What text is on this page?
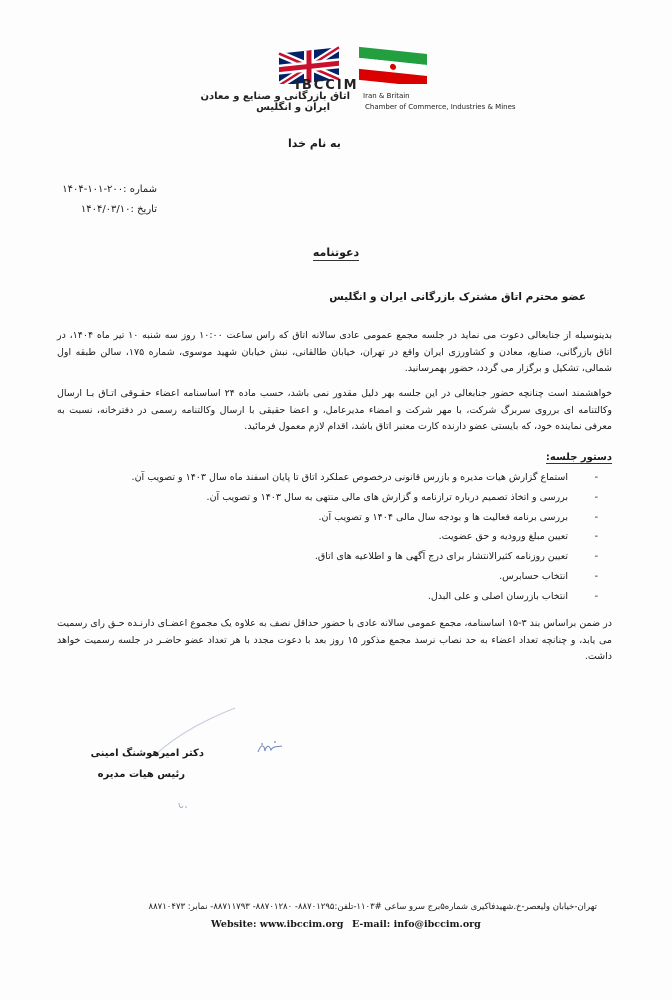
IBCCIM
اتاق بازرگانی و صنایع و معادن Iran & Britain
ایران و انگلیس	Chamber of Commerce, Industries & Mines
به نام خدا
شماره :۲۰۰-۱۰۱-۱۴۰۴
تاریخ :۱۴۰۴/۰۳/۱۰
دعوتنامه
عضو محترم اتاق مشترک بازرگانی ایران و انگلیس
بدینوسیله از جنابعالی دعوت می نماید در جلسه مجمع عمومی عادی سالانه اتاق که راس ساعت ۱۰:۰۰ روز سه شنبه ۱۰ تیر ماه ۱۴۰۴، در اتاق بازرگانی، صنایع، معادن و کشاورزی ایران واقع در تهران، خیابان طالقانی، نبش خیابان شهید موسوی، شماره ۱۷۵، سالن طبقه اول شمالی، تشکیل و برگزار می گردد، حضور بهمرسانید.
خواهشمند است چنانچه حضور جنابعالی در این جلسه بهر دلیل مقدور نمی باشد، حسب ماده ۲۴ اساسنامه اعضاء حقـوقی اتـاق بـا ارسال وکالتنامه ای برروی سربرگ شرکت، با مهر شرکت و امضاء مدیرعامل، و اعضا حقیقی با ارسال وکالتنامه رسمی در دفترخانه، نسبت به معرفی نماینده خود، که بایستی عضو دارنده کارت معتبر اتاق باشد، اقدام لازم معمول فرمائید.
دستور جلسه:
- استماع گزارش هیات مدیره و بازرس قانونی درخصوص عملکرد اتاق تا پایان اسفند ماه سال ۱۴۰۳ و تصویب آن.
- بررسی و اتخاذ تصمیم درباره ترازنامه و گزارش های مالی منتهی به سال ۱۴۰۳ و تصویب آن.
- بررسی برنامه فعالیت ها و بودجه سال مالی ۱۴۰۴ و تصویب آن.
- تعیین مبلغ ورودیه و حق عضویت.
- تعیین روزنامه کثیرالانتشار برای درج آگهی ها و اطلاعیه های اتاق.
- انتخاب حسابرس.
- انتخاب بازرسان اصلی و علی البدل.
در ضمن براساس بند ۳-۱۵ اساسنامه، مجمع عمومی سالانه عادی با حضور حداقل نصف به علاوه یک مجموع اعضـای دارنـده حـق رای رسمیت می یابد، و چنانچه تعداد اعضاء به حد نصاب نرسد مجمع مذکور ۱۵ روز بعد با دعوت مجدد با هر تعداد عضو حاضـر در جلسه رسمیت خواهد داشت.
دکتر امیرهوشنگ امینی
رئیس هیات مدیره
تهران-خیابان ولیعصر-خ.شهیدفاکیری شماره۵برج سرو ساعی #۱۱۰۳-تلفن:۸۸۷۰۱۲۹۵- ۸۸۷۰۱۲۸۰- ۸۸۷۱۱۷۹۳- نمابر: ۸۸۷۱۰۴۷۳
Website: www.ibccim.org E-mail: info@ibccim.org
